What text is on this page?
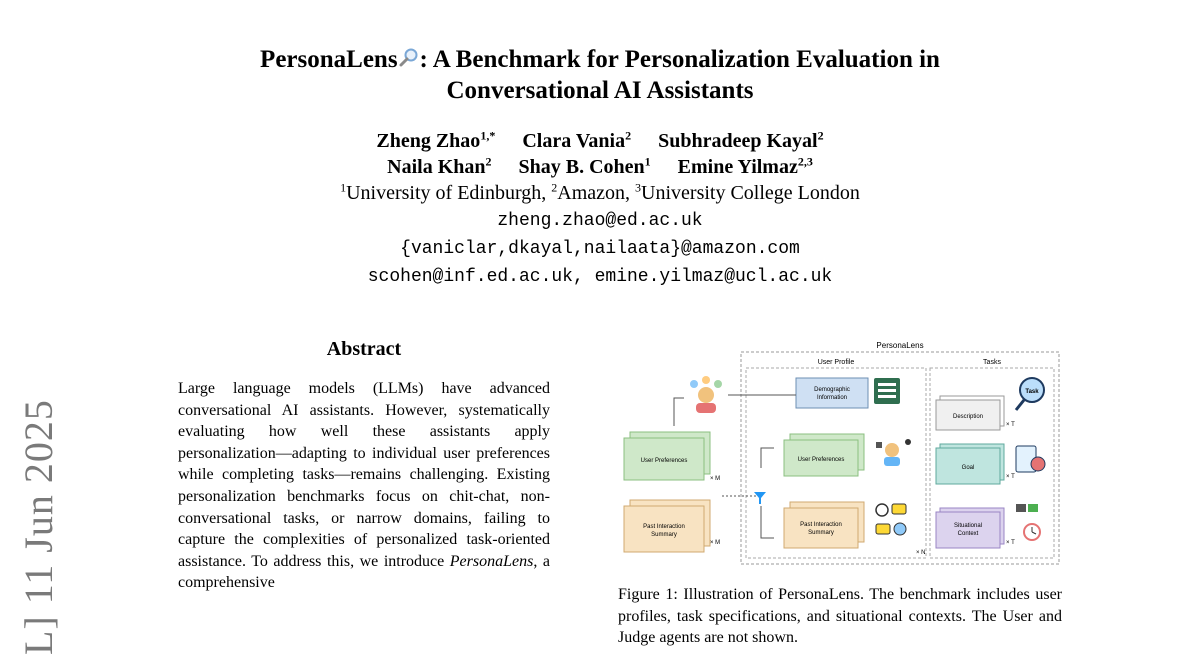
PersonaLens : A Benchmark for Personalization Evaluation in
Conversational AI Assistants
Zheng Zhao$^{1,*}$ Clara Vania$^2$ Subhradeep Kayal$^2$
Naila Khan$^2$ Shay B. Cohen$^1$ Emine Yilmaz$^{2,3}$
$^1$University of Edinburgh, $^2$Amazon, $^3$University College London
zheng.zhao@ed.ac.uk
{vaniclar,dkayal,nailaata}@amazon.com
scohen@inf.ed.ac.uk, emine.yilmaz@ucl.ac.uk
L] 11 Jun 2025
Abstract

Large language models (LLMs) have advanced conversational AI assistants. However, systematically evaluating how well these assistants apply personalization—adapting to individual user preferences while completing tasks—remains challenging. Existing personalization benchmarks focus on chit-chat, non-conversational tasks, or narrow domains, failing to capture the complexities of personalized task-oriented assistance. To address this, we introduce PersonaLens, a comprehensive

PersonaLens
User Profile	Tasks
Demographic
Information
User Preferences
× M
Past Interaction
Summary
× M
User Preferences
Past Interaction
Summary
Description
× T
Task
Goal
× T
Situational
Context
× T
× N
Figure 1: Illustration of PersonaLens. The benchmark includes user profiles, task specifications, and situational contexts. The User and Judge agents are not shown.
